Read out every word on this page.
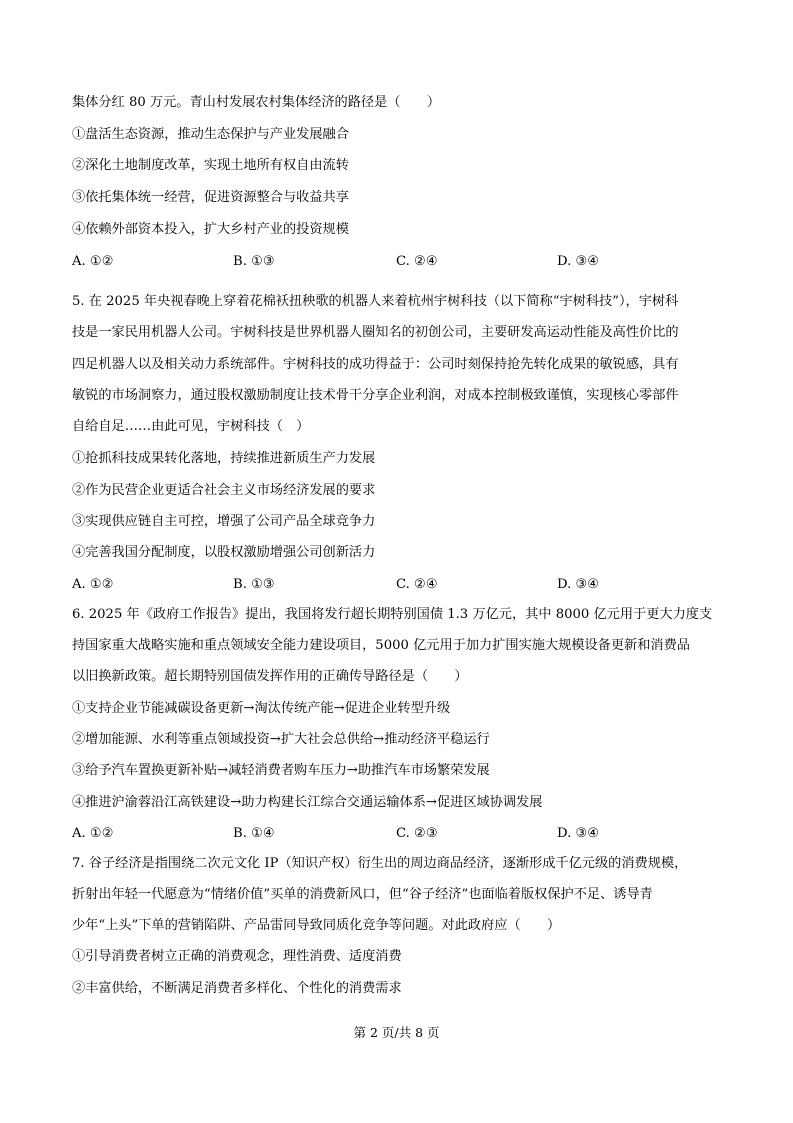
集体分红 80 万元。青山村发展农村集体经济的路径是（　　）
①盘活生态资源，推动生态保护与产业发展融合
②深化土地制度改革，实现土地所有权自由流转
③依托集体统一经营，促进资源整合与收益共享
④依赖外部资本投入，扩大乡村产业的投资规模
A. ①②	B. ①③	C. ②④	D. ③④
5. 在 2025 年央视春晚上穿着花棉袄扭秧歌的机器人来着杭州宇树科技（以下简称“宇树科技”），宇树科
技是一家民用机器人公司。宇树科技是世界机器人圈知名的初创公司，主要研发高运动性能及高性价比的
四足机器人以及相关动力系统部件。宇树科技的成功得益于：公司时刻保持抢先转化成果的敏锐感，具有
敏锐的市场洞察力，通过股权激励制度让技术骨干分享企业利润，对成本控制极致谨慎，实现核心零部件
自给自足……由此可见，宇树科技（　）
①抢抓科技成果转化落地，持续推进新质生产力发展
②作为民营企业更适合社会主义市场经济发展的要求
③实现供应链自主可控，增强了公司产品全球竞争力
④完善我国分配制度，以股权激励增强公司创新活力
A. ①②	B. ①③	C. ②④	D. ③④
6. 2025 年《政府工作报告》提出，我国将发行超长期特别国债 1.3 万亿元，其中 8000 亿元用于更大力度支
持国家重大战略实施和重点领域安全能力建设项目，5000 亿元用于加力扩围实施大规模设备更新和消费品
以旧换新政策。超长期特别国债发挥作用的正确传导路径是（　　）
①支持企业节能减碳设备更新→淘汰传统产能→促进企业转型升级
②增加能源、水利等重点领域投资→扩大社会总供给→推动经济平稳运行
③给予汽车置换更新补贴→减轻消费者购车压力→助推汽车市场繁荣发展
④推进沪渝蓉沿江高铁建设→助力构建长江综合交通运输体系→促进区域协调发展
A. ①②	B. ①④	C. ②③	D. ③④
7. 谷子经济是指围绕二次元文化 IP（知识产权）衍生出的周边商品经济，逐渐形成千亿元级的消费规模，
折射出年轻一代愿意为“情绪价值”买单的消费新风口，但“谷子经济”也面临着版权保护不足、诱导青
少年“上头”下单的营销陷阱、产品雷同导致同质化竞争等问题。对此政府应（　　）
①引导消费者树立正确的消费观念，理性消费、适度消费
②丰富供给，不断满足消费者多样化、个性化的消费需求
第 2 页/共 8 页
